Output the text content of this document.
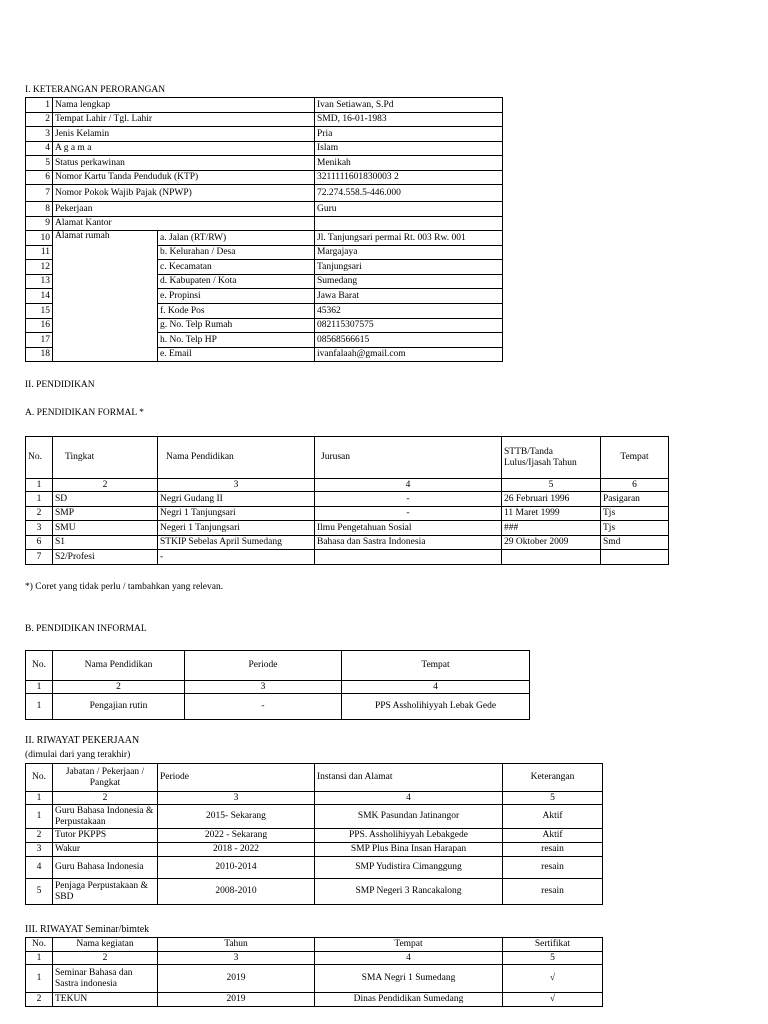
I. KETERANGAN PERORANGAN
1	Nama lengkap		Ivan Setiawan, S.Pd
2	Tempat Lahir / Tgl. Lahir		SMD, 16-01-1983
3	Jenis Kelamin		Pria
4	A g a m a		Islam
5	Status perkawinan		Menikah
6	Nomor Kartu Tanda Penduduk (KTP)		3211111601830003 2
7	Nomor Pokok Wajib Pajak (NPWP)		72.274.558.5-446.000
8	Pekerjaan		Guru
9	Alamat Kantor		
10	Alamat rumah	a. Jalan (RT/RW)	Jl. Tanjungsari permai Rt. 003 Rw. 001
11		b. Kelurahan / Desa	Margajaya
12		c. Kecamatan	Tanjungsari
13		d. Kabupaten / Kota	Sumedang
14		e. Propinsi	Jawa Barat
15		f. Kode Pos	45362
16		g. No. Telp Rumah	082115307575
17		h. No. Telp HP	08568566615
18		e. Email	ivanfalaah@gmail.com
II. PENDIDIKAN
A. PENDIDIKAN FORMAL *
No.	Tingkat	Nama Pendidikan	Jurusan	STTB/Tanda Lulus/Ijasah Tahun	Tempat
1	2	3	4	5	6
1	SD	Negri Gudang II	-	26 Februari 1996	Pasigaran
2	SMP	Negri 1 Tanjungsari	-	11 Maret 1999	Tjs
3	SMU	Negeri 1 Tanjungsari	Ilmu Pengetahuan Sosial	###	Tjs
6	S1	STKIP Sebelas April Sumedang	Bahasa dan Sastra Indonesia	29 Oktober 2009	Smd
7	S2/Profesi	-			
*) Coret yang tidak perlu / tambahkan yang relevan.
B. PENDIDIKAN INFORMAL
No.	Nama Pendidikan	Periode	Tempat
1	2	3	4
1	Pengajian rutin	-	PPS Assholihiyyah Lebak Gede
II. RIWAYAT PEKERJAAN
(dimulai dari yang terakhir)
No.	Jabatan / Pekerjaan / Pangkat	Periode	Instansi dan Alamat	Keterangan
1	2	3	4	5
1	Guru Bahasa Indonesia & Perpustakaan	2015- Sekarang	SMK Pasundan Jatinangor	Aktif
2	Tutor PKPPS	2022 - Sekarang	PPS. Assholihiyyah Lebakgede	Aktif
3	Wakur	2018 - 2022	SMP Plus Bina Insan Harapan	resain
4	Guru Bahasa Indonesia	2010-2014	SMP Yudistira Cimanggung	resain
5	Penjaga Perpustakaan & SBD	2008-2010	SMP Negeri 3 Rancakalong	resain
III. RIWAYAT Seminar/bimtek
No.	Nama kegiatan	Tahun	Tempat	Sertifikat
1	2	3	4	5
1	Seminar Bahasa dan Sastra indonesia	2019	SMA Negri 1 Sumedang	√
2	TEKUN	2019	Dinas Pendidikan Sumedang	√
